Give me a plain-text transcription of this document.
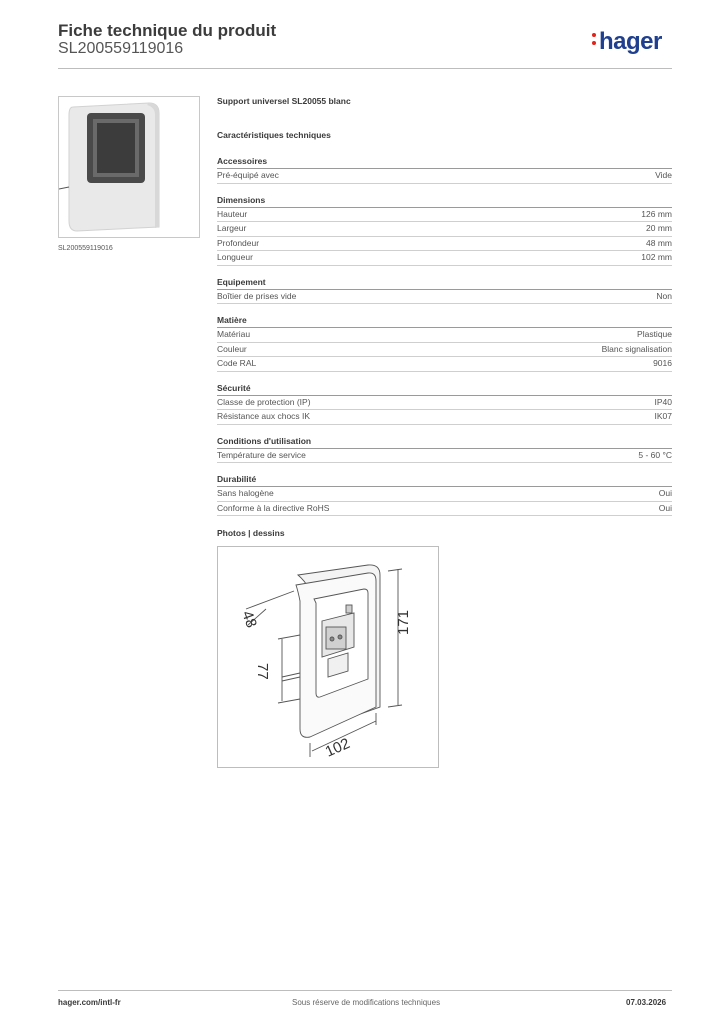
Fiche technique du produit
SL200559119016	hager
SL200559119016
Support universel SL20055 blanc
Caractéristiques techniques
Accessoires
Pré-équipé avec	Vide
Dimensions
Hauteur	126 mm
Largeur	20 mm
Profondeur	48 mm
Longueur	102 mm
Equipement
Boîtier de prises vide	Non
Matière
Matériau	Plastique
Couleur	Blanc signalisation
Code RAL	9016
Sécurité
Classe de protection (IP)	IP40
Résistance aux chocs IK	IK07
Conditions d'utilisation
Température de service	5 - 60 °C
Durabilité
Sans halogène	Oui
Conforme à la directive RoHS	Oui
Photos | dessins
171
48
77
102
hager.com/intl-fr	Sous réserve de modifications techniques	07.03.2026
